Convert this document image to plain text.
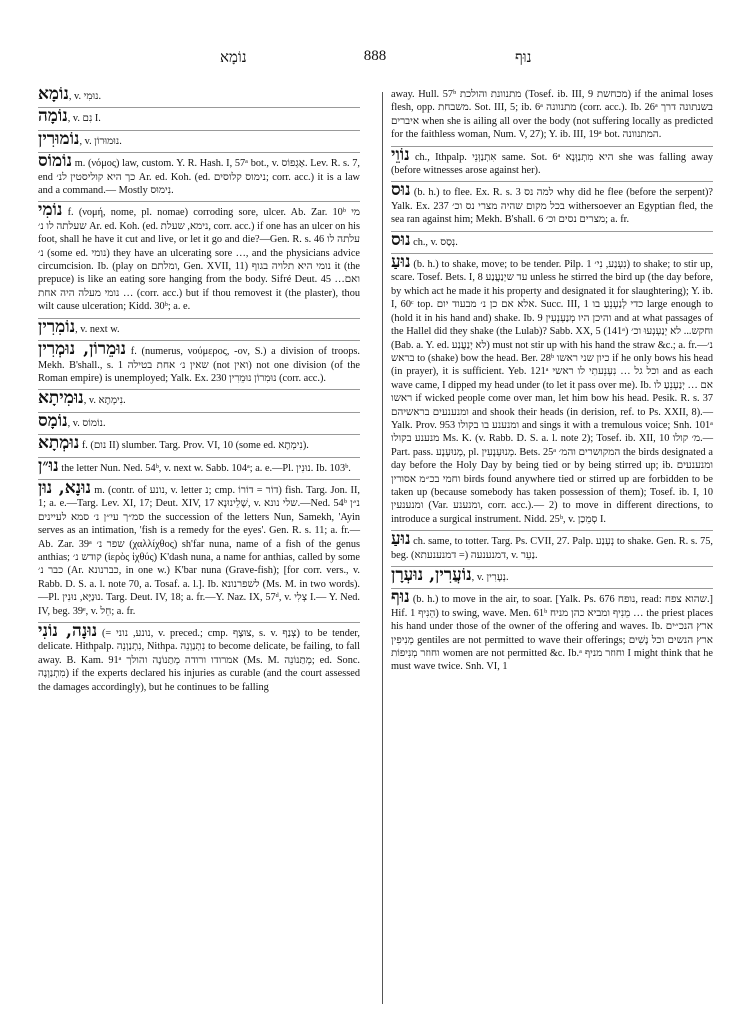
נוֹמָא	888	נוּף

נוֹמָא, v. נוּמִי.

נוֹמָה, v. נִם I.

נוֹמוּרִין, v. נוּמוּרוֹן.

נוֹמוֹס m. (νόμος) law, custom. Y. R. Hash. I, 57ᵃ bot., v. אַגְפוֹס. Lev. R. s. 7, end כך היא קוליסטין לנ׳ Ar. ed. Koh. (ed. נימוס קלוסים; corr. acc.) it is a law and a command.— Mostly נִימוּס.

נוֹמִי f. (νομή, nome, pl. nomae) corroding sore, ulcer. Ab. Zar. 10ᵇ מי שעלתה לו נ׳ Ar. ed. Koh. (ed. נימא, שעלת, corr. acc.) if one has an ulcer on his foot, shall he have it cut and live, or let it go and die?—Gen. R. s. 46 עלתה לו נ׳ (some ed. נומי) they have an ulcerating sore …, and the physicians advice circumcision. Ib. (play on ומלתם, Gen. XVII, 11) נומי היא תלויה בגוף it (the prepuce) is like an eating sore hanging from the body. Sifré Deut. 45 …ואם נומי מעלה היה אחת … (corr. acc.) but if thou removest it (the plaster), thou wilt cause ulceration; Kidd. 30ᵇ; a. e.

נוֹמִרִין, v. next w.

נוּמֵרוֹן, נוּמְרִין f. (numerus, νούμερος, -ον, S.) a division of troops. Mekh. B'shall., s. 1 שאין נ׳ אחת בטילה (not ואין) not one division (of the Roman empire) is unemployed; Yalk. Ex. 230 נוּמִרוֹן נוּמֵרִין (corr. acc.).

נוּמִיתָא, v. נִימְתָא.

נוֹמָס, v. נוֹמוֹס.

נוּמְתָא f. (נום II) slumber. Targ. Prov. VI, 10 (some ed. נִימְתָא).

נוּ״ן the letter Nun. Ned. 54ᵇ, v. next w. Sabb. 104ᵃ; a. e.—Pl. נוּנִין. Ib. 103ᵇ.

נוּנָא, נוּן m. (contr. of נונע, v. letter נ; cmp. דוֹר = דוֹרוֹ) fish. Targ. Jon. II, 1; a. e.—Targ. Lev. XI, 17; Deut. XIV, 17 שָׁלֵינוּנָא, v. שלי נונא.—Ned. 54ᵇ נ״ן סמ״ך עי״ן נ׳ סמא לעיינים the succession of the letters Nun, Samekh, 'Ayin serves as an intimation, 'fish is a remedy for the eyes'. Gen. R. s. 11; a. fr.—Ab. Zar. 39ᵃ שפר נ׳ (χαλλίχθος) sh'far nuna, name of a fish of the genus anthias; קודש נ׳ (ἱερὸς ἰχθύς) K'dash nuna, a name for anthias, called by some כבר נ׳ (Ar. כברנונא, in one w.) K'bar nuna (Grave-fish); [for corr. vers., v. Rabb. D. S. a. l. note 70, a. Tosaf. a. l.]. Ib. לשפרנונא (Ms. M. in two words).—Pl. נוּנַיָּא, נוּנִין. Targ. Deut. IV, 18; a. fr.—Y. Naz. IX, 57ᵈ, v. צְלִי I.— Y. Ned. IV, beg. 39ᵉ, v. חֵל; a. fr.

נוּנָה, נוֹנִי (= נונע, נוני, v. preced.; cmp. צוּצָף, s. v. צְנַף) to be tender, delicate. Hithpalp. נִתְנַוְנֵה, Nithpa. נִתְנַוְנֵה to become delicate, be failing, to fall away. B. Kam. 91ᵃ אמרודו ורודה מְתַנוֹנֶה והולך (Ms. M. מְתַנוֹנֵה; ed. Sonc. מִתְנַוְנֶה) if the experts declared his injuries as curable (and the court assessed the damages accordingly), but he continues to be falling

away. Hull. 57ᵇ מתנוונת והולכת (Tosef. ib. III, 9 מכחשת) if the animal loses flesh, opp. משבחת. Sot. III, 5; ib. 6ᵃ מתנוונה (corr. acc.). Ib. 26ᵃ בשנתונה דרך איברים when she is ailing all over the body (not suffering locally as predicted for the faithless woman, Num. V, 27); Y. ib. III, 19ᵃ bot. המתנוונה.

נוֹוֵי ch., Ithpalp. אִתְנַוְּנֵי same. Sot. 6ᵃ היא מִתְנַוְּנָא she was falling away (before witnesses arose against her).

נוּס (b. h.) to flee. Ex. R. s. 3 למה נס why did he flee (before the serpent)? Yalk. Ex. 237 בכל מקום שהיה מצרי נס וכ׳ withersoever an Egyptian fled, the sea ran against him; Mekh. B'shall. 6 מצרים נסים וכ׳; a. fr.

נוּס ch., v. נְסַס.

נוּעַ (b. h.) to shake, move; to be tender. Pilp. נִעְנַע, נִי׳ 1) to shake; to stir up, scare. Tosef. Bets. I, 8 עד שיְנַעֲנַע unless he stirred the bird up (the day before, by which act he made it his property and designated it for slaughtering); Y. ib. I, 60ᶜ top. אלא אם כן נ׳ מבעוד יום. Succ. III, 1 כדי לְנַעְנֵעַ בו large enough to (hold it in his hand and) shake. Ib. 9 והיכן היו מְנַעְנְעִין and at what passages of the Hallel did they shake (the Lulab)? Sabb. XX, 5 (141ᵃ) וחקש... לא יְנַעְנְעוּ וכ׳ (Bab. a. Y. ed. לא יְנַעֲנַע) must not stir up with his hand the straw &c.; a. fr.—נ׳ בראש to (shake) bow the head. Ber. 28ᵇ כיון שני ראשו if he only bows his head (in prayer), it is sufficient. Yeb. 121ᵃ וכל גל … נִעְנֵעתִי לו ראשי and as each wave came, I dipped my head under (to let it pass over me). Ib. אם … יְנַעְנֵעַ לו ראשו if wicked people come over man, let him bow his head. Pesik. R. s. 37 ומנענעים בראשיהם and shook their heads (in derision, ref. to Ps. XXII, 8).—Yalk. Prov. 953 ומנענע בו בקולו and sings it with a tremulous voice; Snh. 101ᵃ מנענע בקולו Ms. K. (v. Rabb. D. S. a. l. note 2); Tosef. ib. XII, 10 מ׳ קולו.—Part. pass. מְנוּעְנָע, pl. מְנוּעְנָעִין. Bets. 25ᵃ המקושרים והמ׳ the birds designated a day before the Holy Day by being tied or by being stirred up; ib. ומנענעים וחמי בכ״מ אסורין birds found anywhere tied or stirred up are forbidden to be taken up (because somebody has taken possession of them); Tosef. ib. I, 10 ומנענעין (Var. ומנענע, corr. acc.).— 2) to move in different directions, to introduce a surgical instrument. Nidd. 25ᵇ, v. סְמֵכַן I.

נוּעַ ch. same, to totter. Targ. Ps. CVII, 27. Palp. נְעְנַע to shake. Gen. R. s. 75, beg. דמנענעה (= דמנענעתא), v. נַעֵר.

נוֹעֲרִין, נוּעְרָן, v. נְעָרִין.

נוּף (b. h.) to move in the air, to soar. [Yalk. Ps. 676 נופח, read: שהוא צפח.] Hif. הֵנִיף 1) to swing, wave. Men. 61ᵇ מֵנִיף ומביא כהן מניח … the priest places his hand under those of the owner of the offering and waves. Ib. ארץ הנכ״ים מְנִיפִין gentiles are not permitted to wave their offerings; ארץ הנשים וכל נָשִׁים וחוזר מְנִיפוֹת women are not permitted &c. Ib.ᵃ וחוזר מניף I might think that he must wave twice. Snh. VI, 1
